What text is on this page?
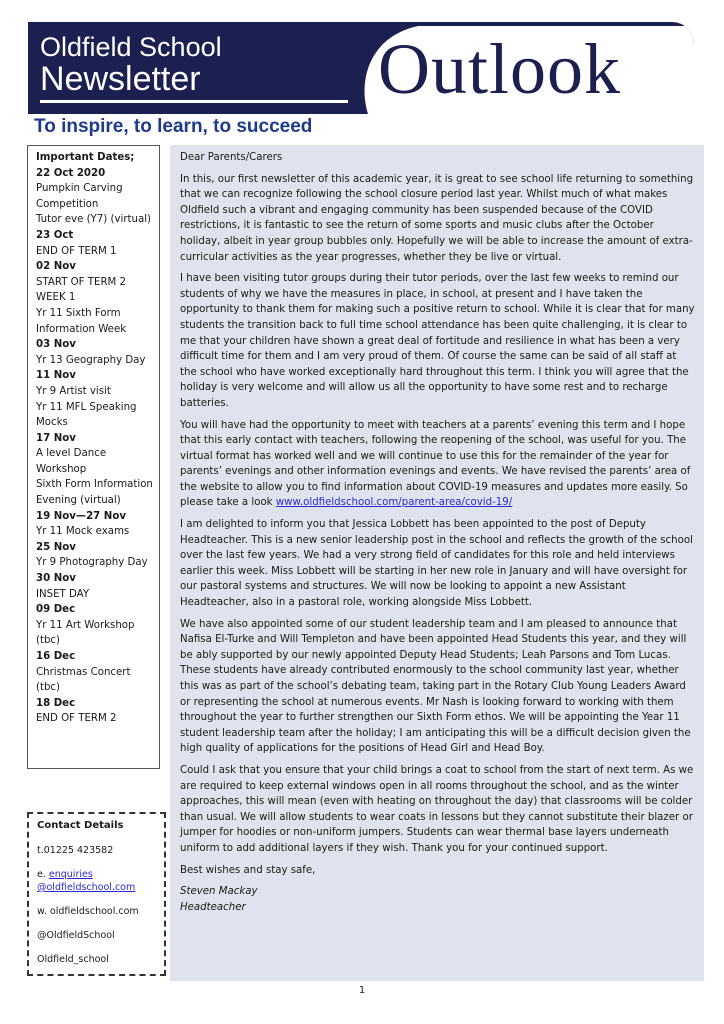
Oldfield School
Newsletter Outlook
To inspire, to learn, to succeed
Important Dates;
22 Oct 2020
Pumpkin Carving Competition
Tutor eve (Y7) (virtual)
23 Oct
END OF TERM 1
02 Nov
START OF TERM 2 WEEK 1
Yr 11 Sixth Form Information Week
03 Nov
Yr 13 Geography Day
11 Nov
Yr 9 Artist visit
Yr 11 MFL Speaking Mocks
17 Nov
A level Dance Workshop
Sixth Form Information Evening (virtual)
19 Nov—27 Nov
Yr 11 Mock exams
25 Nov
Yr 9 Photography Day
30 Nov
INSET DAY
09 Dec
Yr 11 Art Workshop (tbc)
16 Dec
Christmas Concert (tbc)
18 Dec
END OF TERM 2
Contact Details
t.01225 423582
e. enquiries @oldfieldschool.com
w. oldfieldschool.com
@OldfieldSchool
Oldfield_school

Dear Parents/Carers

In this, our first newsletter of this academic year, it is great to see school life returning to something that we can recognize following the school closure period last year. Whilst much of what makes Oldfield such a vibrant and engaging community has been suspended because of the COVID restrictions, it is fantastic to see the return of some sports and music clubs after the October holiday, albeit in year group bubbles only. Hopefully we will be able to increase the amount of extra-curricular activities as the year progresses, whether they be live or virtual.

I have been visiting tutor groups during their tutor periods, over the last few weeks to remind our students of why we have the measures in place, in school, at present and I have taken the opportunity to thank them for making such a positive return to school. While it is clear that for many students the transition back to full time school attendance has been quite challenging, it is clear to me that your children have shown a great deal of fortitude and resilience in what has been a very difficult time for them and I am very proud of them. Of course the same can be said of all staff at the school who have worked exceptionally hard throughout this term. I think you will agree that the holiday is very welcome and will allow us all the opportunity to have some rest and to recharge batteries.

You will have had the opportunity to meet with teachers at a parents’ evening this term and I hope that this early contact with teachers, following the reopening of the school, was useful for you. The virtual format has worked well and we will continue to use this for the remainder of the year for parents’ evenings and other information evenings and events. We have revised the parents’ area of the website to allow you to find information about COVID-19 measures and updates more easily. So please take a look www.oldfieldschool.com/parent-area/covid-19/

I am delighted to inform you that Jessica Lobbett has been appointed to the post of Deputy Headteacher. This is a new senior leadership post in the school and reflects the growth of the school over the last few years. We had a very strong field of candidates for this role and held interviews earlier this week. Miss Lobbett will be starting in her new role in January and will have oversight for our pastoral systems and structures. We will now be looking to appoint a new Assistant Headteacher, also in a pastoral role, working alongside Miss Lobbett.

We have also appointed some of our student leadership team and I am pleased to announce that Nafisa El-Turke and Will Templeton and have been appointed Head Students this year, and they will be ably supported by our newly appointed Deputy Head Students; Leah Parsons and Tom Lucas. These students have already contributed enormously to the school community last year, whether this was as part of the school’s debating team, taking part in the Rotary Club Young Leaders Award or representing the school at numerous events. Mr Nash is looking forward to working with them throughout the year to further strengthen our Sixth Form ethos. We will be appointing the Year 11 student leadership team after the holiday; I am anticipating this will be a difficult decision given the high quality of applications for the positions of Head Girl and Head Boy.

Could I ask that you ensure that your child brings a coat to school from the start of next term. As we are required to keep external windows open in all rooms throughout the school, and as the winter approaches, this will mean (even with heating on throughout the day) that classrooms will be colder than usual. We will allow students to wear coats in lessons but they cannot substitute their blazer or jumper for hoodies or non-uniform jumpers. Students can wear thermal base layers underneath uniform to add additional layers if they wish. Thank you for your continued support.

Best wishes and stay safe,

Steven Mackay
Headteacher
1
